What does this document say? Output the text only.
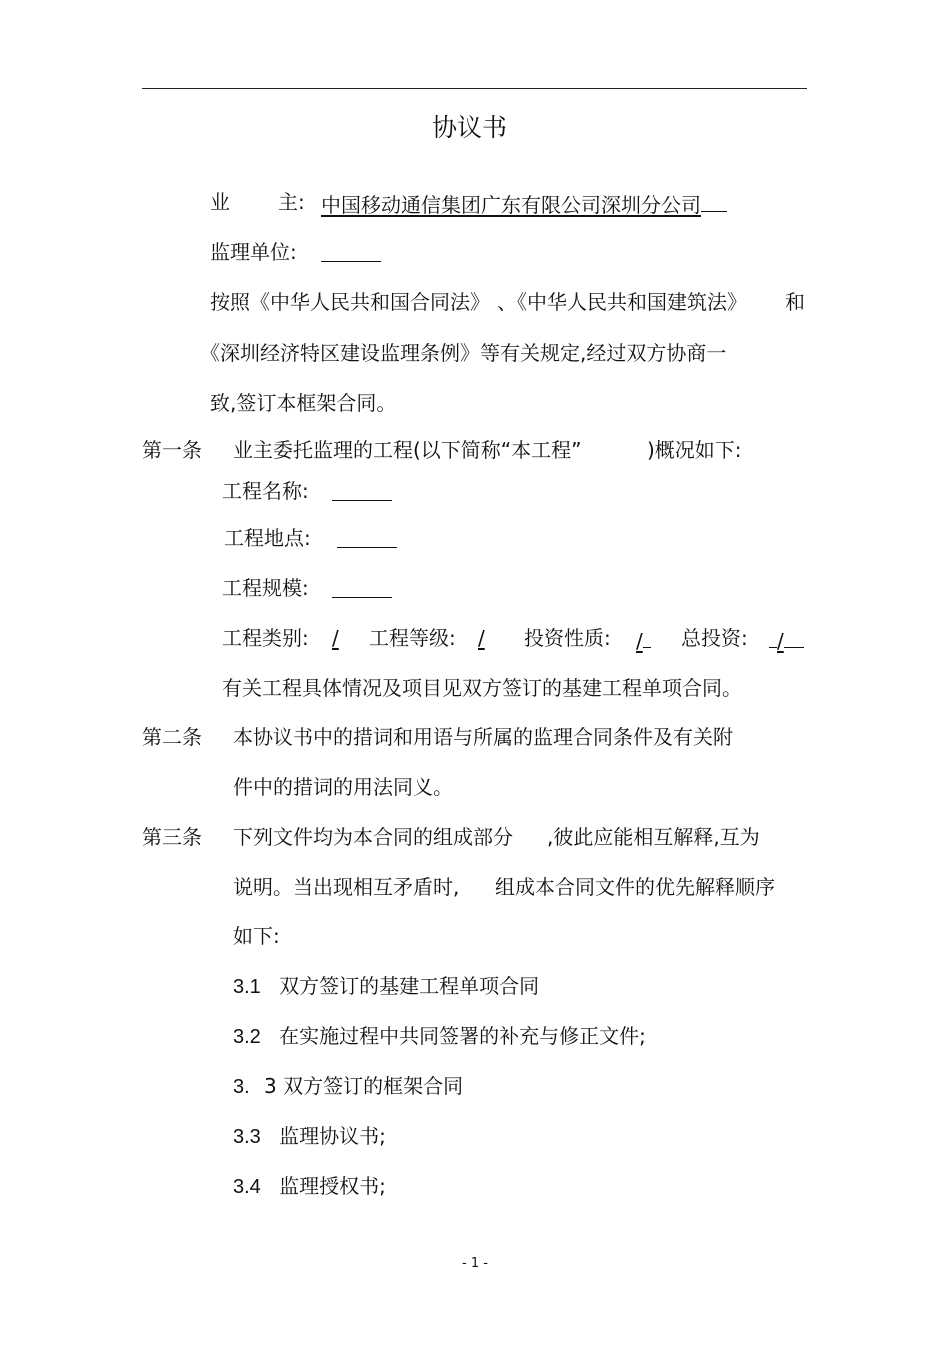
协议书
业 主: 中国移动通信集团广东有限公司深圳分公司
监理单位:
按照《中华人民共和国合同法》 、《中华人民共和国建筑法》 和
《深圳经济特区建设监理条例》等有关规定,经过双方协商一
致,签订本框架合同。
第一条 业主委托监理的工程(以下简称“本工程”	)概况如下:
工程名称:
工程地点:
工程规模:
工程类别: / 工程等级: / 投资性质: /	总投资:	/
有关工程具体情况及项目见双方签订的基建工程单项合同。
第二条 本协议书中的措词和用语与所属的监理合同条件及有关附
件中的措词的用法同义。
第三条 下列文件均为本合同的组成部分 ,彼此应能相互解释,互为
说明。当出现相互矛盾时, 组成本合同文件的优先解释顺序
如下:
3.1 双方签订的基建工程单项合同
3.2 在实施过程中共同签署的补充与修正文件;
3. 3 双方签订的框架合同
3.3 监理协议书;
3.4 监理授权书;
- 1 -
